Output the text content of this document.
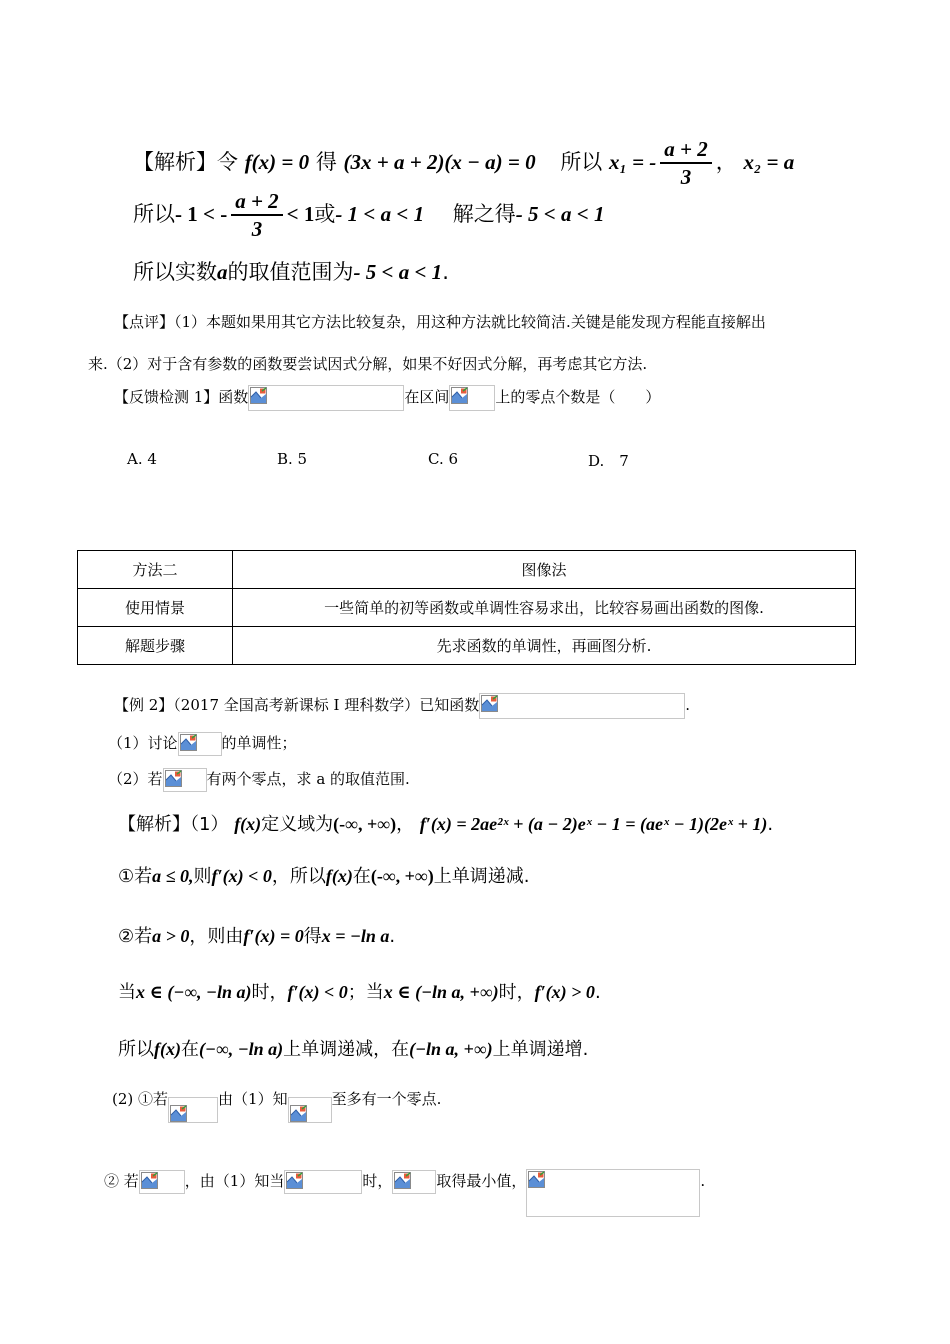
【解析】令 f(x) = 0 得 (3x + a + 2)(x − a) = 0 所以 x₁ = - $\frac{a + 2}{3}$ ， x₂ = a
所以- 1 < - $\frac{a + 2}{3} < 1$或- 1 < a < 1 解之得- 5 < a < 1
所以实数a的取值范围为- 5 < a < 1.
【点评】（1）本题如果用其它方法比较复杂，用这种方法就比较简洁.关键是能发现方程能直接解出
来.（2）对于含有参数的函数要尝试因式分解，如果不好因式分解，再考虑其它方法.
【反馈检测 1】函数	在区间	上的零点个数是（　　）
A. 4	B. 5	C. 6	D.　7
方法二	图像法
使用情景	一些简单的初等函数或单调性容易求出，比较容易画出函数的图像.
解题步骤	先求函数的单调性，再画图分析.
【例 2】（2017 全国高考新课标 I 理科数学）已知函数	.
（1）讨论	的单调性；
（2）若	有两个零点，求 a 的取值范围.
【解析】（1） f(x)定义域为(-∞, +∞)， f′(x) = 2ae²ˣ + (a − 2)eˣ − 1 = (aeˣ − 1)(2eˣ + 1).
①若a ≤ 0,则f′(x) < 0，所以f(x)在(-∞, +∞)上单调递减.
②若a > 0，则由f′(x) = 0得x = −ln a.
当x ∈ (−∞, −ln a)时，f′(x) < 0；当x ∈ (−ln a, +∞)时，f′(x) > 0.
所以f(x)在(−∞, −ln a)上单调递减，在(−ln a, +∞)上单调递增.
(2) ①若	由（1）知	至多有一个零点.
② 若	，由（1）知当	时，	取得最小值，	.
